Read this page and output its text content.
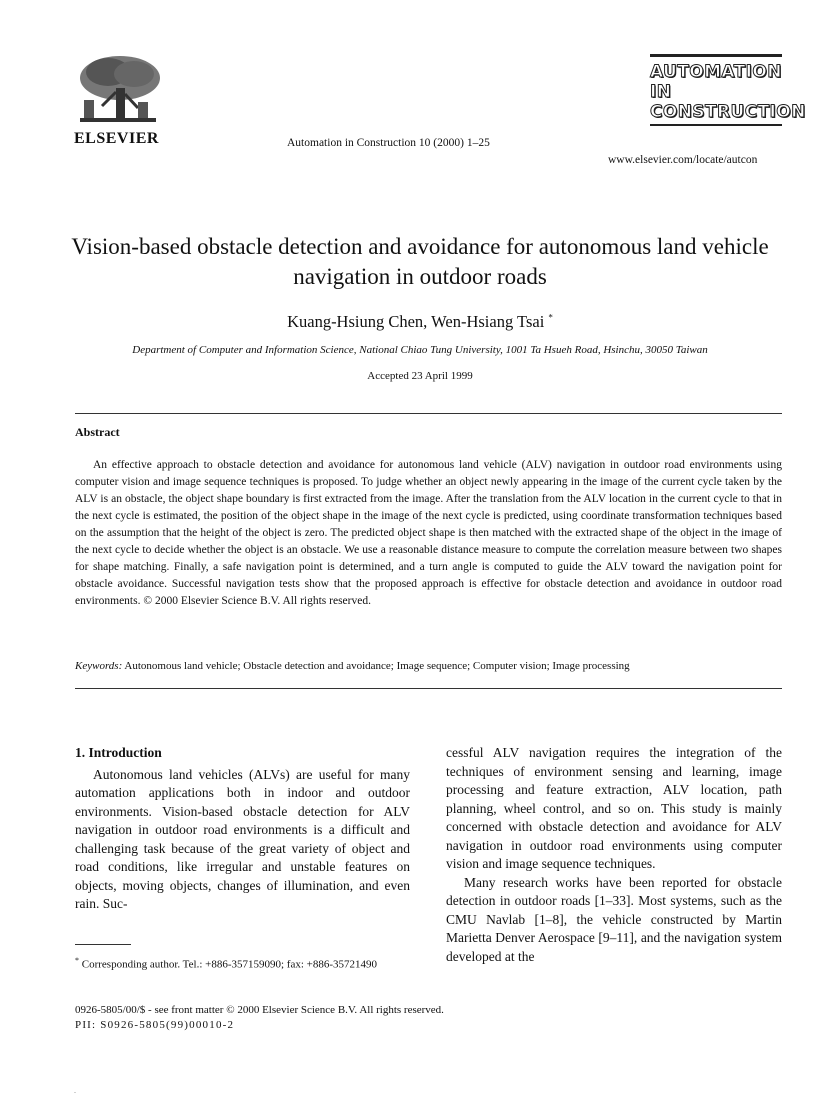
ELSEVIER	Automation in Construction 10 (2000) 1–25
AUTOMATION IN
CONSTRUCTION
www.elsevier.com/locate/autcon
Vision-based obstacle detection and avoidance for autonomous land vehicle navigation in outdoor roads
Kuang-Hsiung Chen, Wen-Hsiang Tsai *
Department of Computer and Information Science, National Chiao Tung University, 1001 Ta Hsueh Road, Hsinchu, 30050 Taiwan
Accepted 23 April 1999
Abstract

An effective approach to obstacle detection and avoidance for autonomous land vehicle (ALV) navigation in outdoor road environments using computer vision and image sequence techniques is proposed. To judge whether an object newly appearing in the image of the current cycle taken by the ALV is an obstacle, the object shape boundary is first extracted from the image. After the translation from the ALV location in the current cycle to that in the next cycle is estimated, the position of the object shape in the image of the next cycle is predicted, using coordinate transformation techniques based on the assumption that the height of the object is zero. The predicted object shape is then matched with the extracted shape of the object in the image of the next cycle to decide whether the object is an obstacle. We use a reasonable distance measure to compute the correlation measure between two shapes for shape matching. Finally, a safe navigation point is determined, and a turn angle is computed to guide the ALV toward the navigation point for obstacle avoidance. Successful navigation tests show that the proposed approach is effective for obstacle detection and avoidance in outdoor road environments. © 2000 Elsevier Science B.V. All rights reserved.

Keywords: Autonomous land vehicle; Obstacle detection and avoidance; Image sequence; Computer vision; Image processing

1. Introduction

Autonomous land vehicles (ALVs) are useful for many automation applications both in indoor and outdoor environments. Vision-based obstacle detection for ALV navigation in outdoor road environments is a difficult and challenging task because of the great variety of object and road conditions, like irregular and unstable features on objects, moving objects, changes of illumination, and even rain. Suc-

cessful ALV navigation requires the integration of the techniques of environment sensing and learning, image processing and feature extraction, ALV location, path planning, wheel control, and so on. This study is mainly concerned with obstacle detection and avoidance for ALV navigation in outdoor road environments using computer vision and image sequence techniques.

Many research works have been reported for obstacle detection in outdoor roads [1–33]. Most systems, such as the CMU Navlab [1–8], the vehicle constructed by Martin Marietta Denver Aerospace [9–11], and the navigation system developed at the

* Corresponding author. Tel.: +886-357159090; fax: +886-35721490
0926-5805/00/$ - see front matter © 2000 Elsevier Science B.V. All rights reserved.
PII: S0926-5805(99)00010-2
.
